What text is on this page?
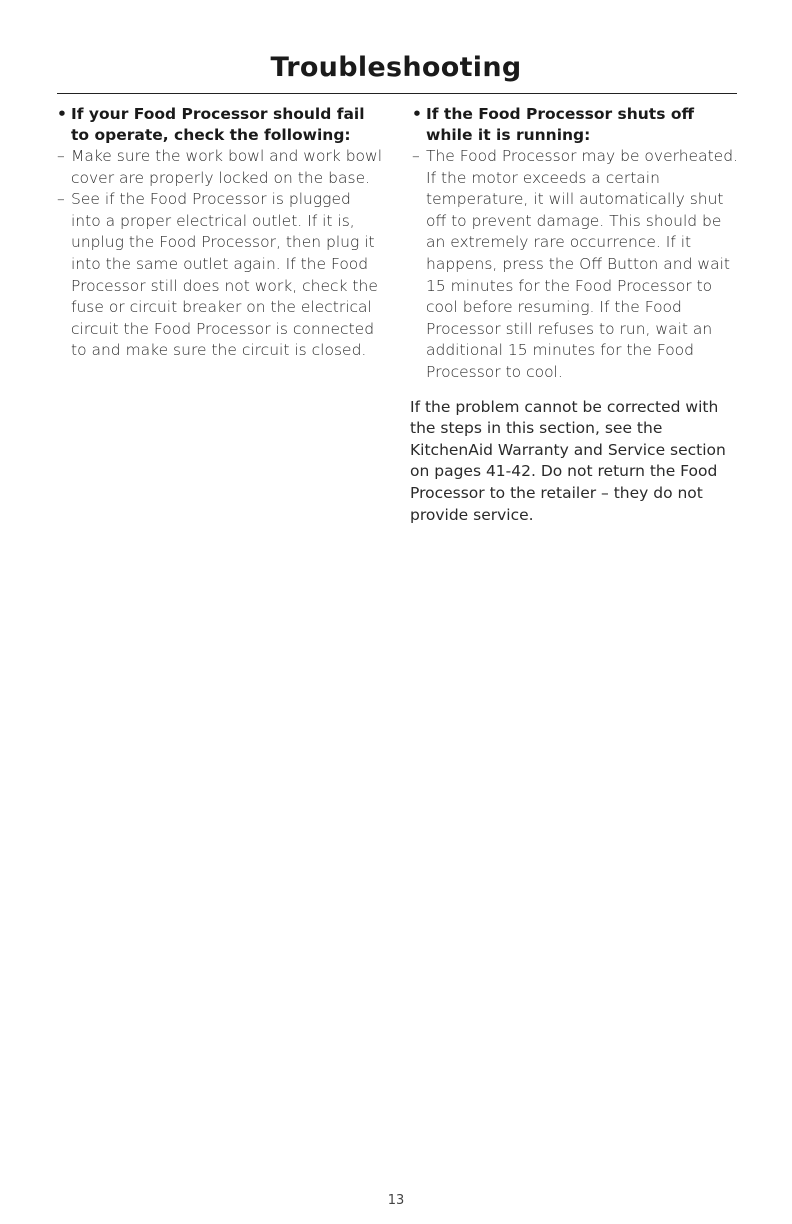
Troubleshooting
• If your Food Processor should fail to operate, check the following:
– Make sure the work bowl and work bowl cover are properly locked on the base.
– See if the Food Processor is plugged into a proper electrical outlet. If it is, unplug the Food Processor, then plug it into the same outlet again. If the Food Processor still does not work, check the fuse or circuit breaker on the electrical circuit the Food Processor is connected to and make sure the circuit is closed.
• If the Food Processor shuts off while it is running:
– The Food Processor may be overheated. If the motor exceeds a certain temperature, it will automatically shut off to prevent damage. This should be an extremely rare occurrence. If it happens, press the Off Button and wait 15 minutes for the Food Processor to cool before resuming. If the Food Processor still refuses to run, wait an additional 15 minutes for the Food Processor to cool.
If the problem cannot be corrected with the steps in this section, see the KitchenAid Warranty and Service section on pages 41-42. Do not return the Food Processor to the retailer – they do not provide service.
13
